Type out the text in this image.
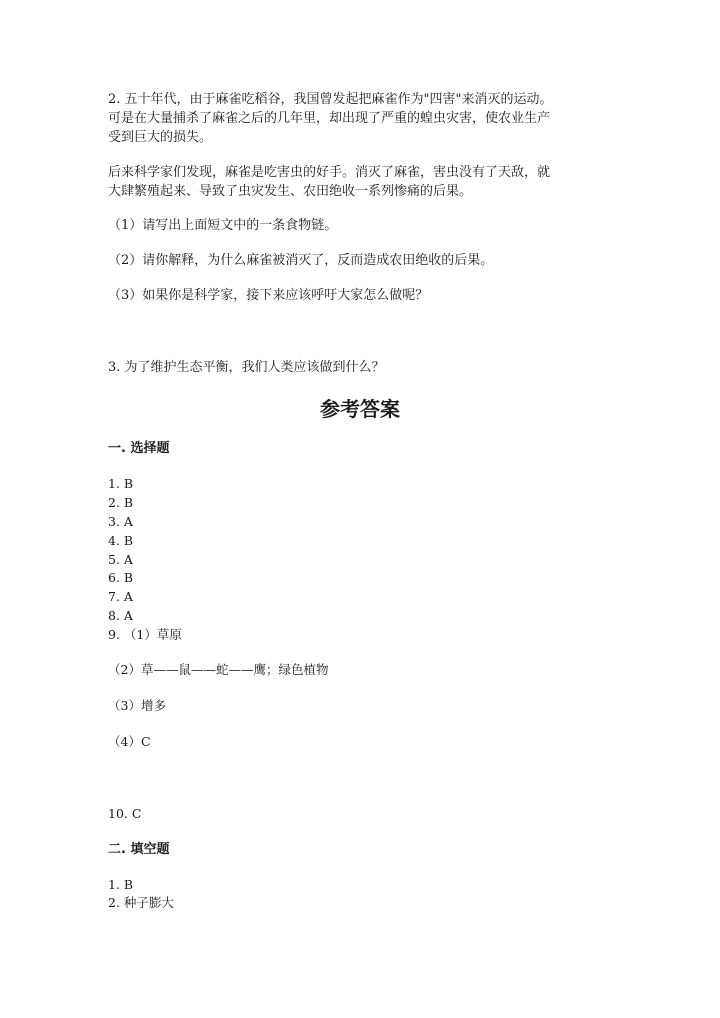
2. 五十年代，由于麻雀吃稻谷，我国曾发起把麻雀作为"四害"来消灭的运动。
可是在大量捕杀了麻雀之后的几年里，却出现了严重的蝗虫灾害，使农业生产
受到巨大的损失。
后来科学家们发现，麻雀是吃害虫的好手。消灭了麻雀，害虫没有了天敌，就
大肆繁殖起来、导致了虫灾发生、农田绝收一系列惨痛的后果。
（1）请写出上面短文中的一条食物链。
（2）请你解释，为什么麻雀被消灭了，反而造成农田绝收的后果。
（3）如果你是科学家，接下来应该呼吁大家怎么做呢？
3. 为了维护生态平衡，我们人类应该做到什么？
参考答案
一. 选择题
1. B
2. B
3. A
4. B
5. A
6. B
7. A
8. A
9. （1）草原
（2）草——鼠——蛇——鹰；绿色植物
（3）增多
（4）C
10. C
二. 填空题
1. B
2. 种子膨大
